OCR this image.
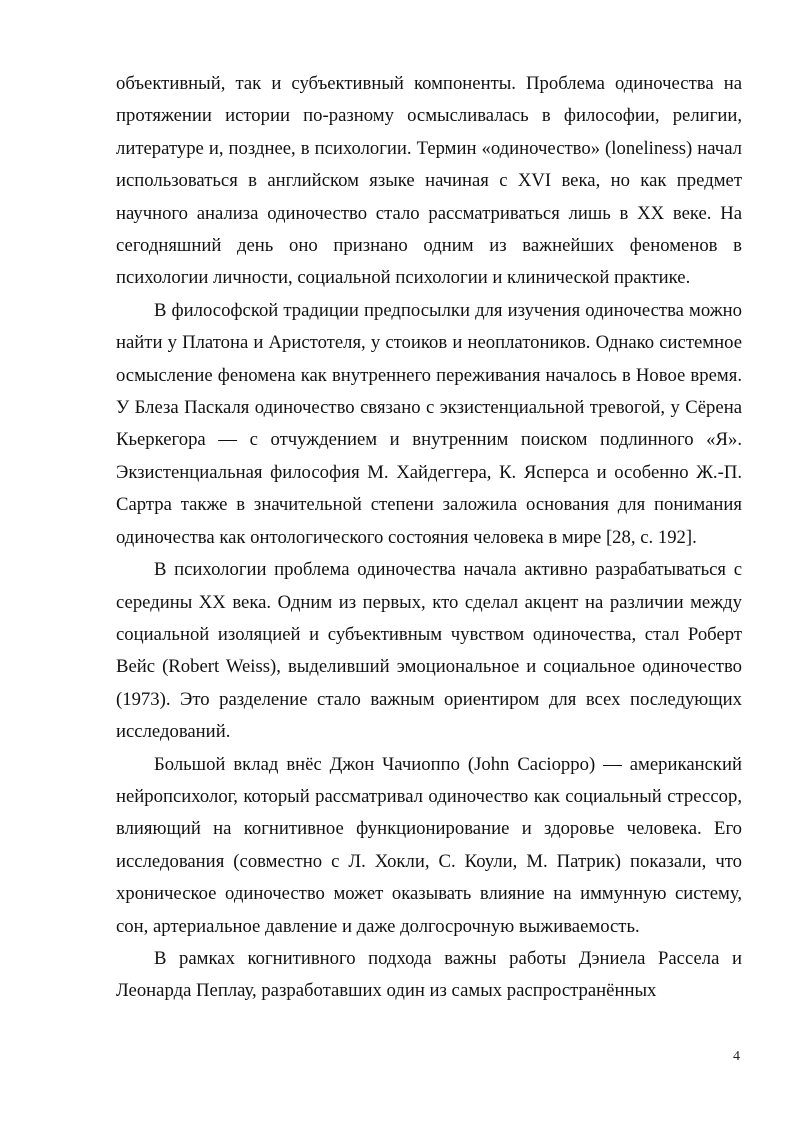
объективный, так и субъективный компоненты. Проблема одиночества на протяжении истории по-разному осмысливалась в философии, религии, литературе и, позднее, в психологии. Термин «одиночество» (loneliness) начал использоваться в английском языке начиная с XVI века, но как предмет научного анализа одиночество стало рассматриваться лишь в XX веке. На сегодняшний день оно признано одним из важнейших феноменов в психологии личности, социальной психологии и клинической практике.

В философской традиции предпосылки для изучения одиночества можно найти у Платона и Аристотеля, у стоиков и неоплатоников. Однако системное осмысление феномена как внутреннего переживания началось в Новое время. У Блеза Паскаля одиночество связано с экзистенциальной тревогой, у Сёрена Кьеркегора — с отчуждением и внутренним поиском подлинного «Я». Экзистенциальная философия М. Хайдеггера, К. Ясперса и особенно Ж.-П. Сартра также в значительной степени заложила основания для понимания одиночества как онтологического состояния человека в мире [28, с. 192].

В психологии проблема одиночества начала активно разрабатываться с середины XX века. Одним из первых, кто сделал акцент на различии между социальной изоляцией и субъективным чувством одиночества, стал Роберт Вейс (Robert Weiss), выделивший эмоциональное и социальное одиночество (1973). Это разделение стало важным ориентиром для всех последующих исследований.

Большой вклад внёс Джон Чачиоппо (John Cacioppo) — американский нейропсихолог, который рассматривал одиночество как социальный стрессор, влияющий на когнитивное функционирование и здоровье человека. Его исследования (совместно с Л. Хокли, С. Коули, М. Патрик) показали, что хроническое одиночество может оказывать влияние на иммунную систему, сон, артериальное давление и даже долгосрочную выживаемость.

В рамках когнитивного подхода важны работы Дэниела Рассела и Леонарда Пеплау, разработавших один из самых распространённых

4
